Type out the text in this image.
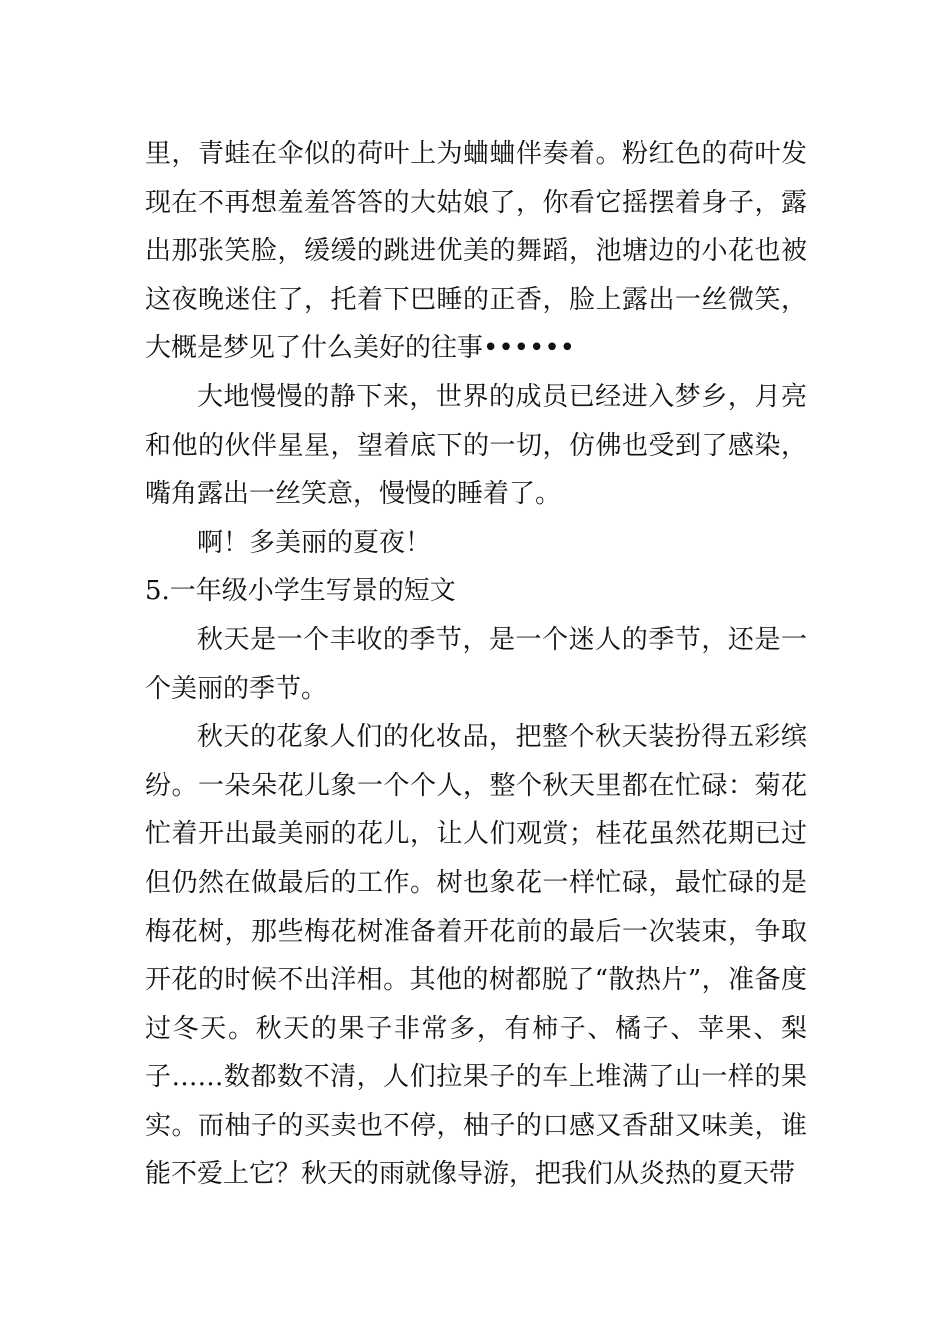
里，青蛙在伞似的荷叶上为蛐蛐伴奏着。粉红色的荷叶发现在不再想羞羞答答的大姑娘了，你看它摇摆着身子，露出那张笑脸，缓缓的跳进优美的舞蹈，池塘边的小花也被这夜晚迷住了，托着下巴睡的正香，脸上露出一丝微笑，大概是梦见了什么美好的往事••••••

大地慢慢的静下来，世界的成员已经进入梦乡，月亮和他的伙伴星星，望着底下的一切，仿佛也受到了感染，嘴角露出一丝笑意，慢慢的睡着了。

啊！多美丽的夏夜！

5.一年级小学生写景的短文

秋天是一个丰收的季节，是一个迷人的季节，还是一个美丽的季节。

秋天的花象人们的化妆品，把整个秋天装扮得五彩缤纷。一朵朵花儿象一个个人，整个秋天里都在忙碌：菊花忙着开出最美丽的花儿，让人们观赏；桂花虽然花期已过但仍然在做最后的工作。树也象花一样忙碌，最忙碌的是梅花树，那些梅花树准备着开花前的最后一次装束，争取开花的时候不出洋相。其他的树都脱了“散热片”，准备度过冬天。秋天的果子非常多，有柿子、橘子、苹果、梨子……数都数不清，人们拉果子的车上堆满了山一样的果实。而柚子的买卖也不停，柚子的口感又香甜又味美，谁能不爱上它？秋天的雨就像导游，把我们从炎热的夏天带
